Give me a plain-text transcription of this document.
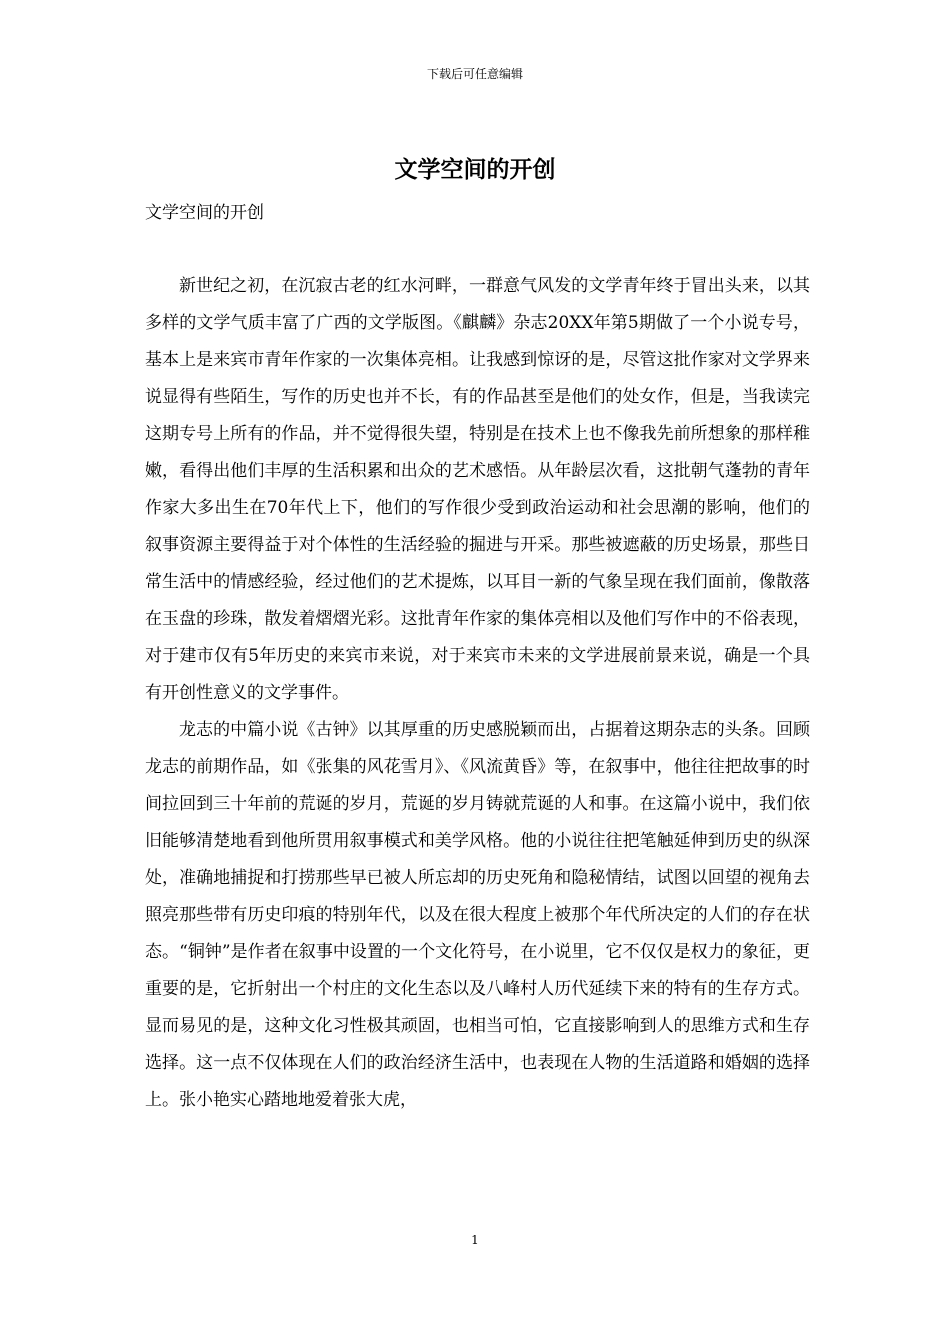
下载后可任意编辑
文学空间的开创
文学空间的开创

新世纪之初，在沉寂古老的红水河畔，一群意气风发的文学青年终于冒出头来，以其多样的文学气质丰富了广西的文学版图。《麒麟》杂志20XX年第5期做了一个小说专号，基本上是来宾市青年作家的一次集体亮相。让我感到惊讶的是，尽管这批作家对文学界来说显得有些陌生，写作的历史也并不长，有的作品甚至是他们的处女作，但是，当我读完这期专号上所有的作品，并不觉得很失望，特别是在技术上也不像我先前所想象的那样稚嫩，看得出他们丰厚的生活积累和出众的艺术感悟。从年龄层次看，这批朝气蓬勃的青年作家大多出生在70年代上下，他们的写作很少受到政治运动和社会思潮的影响，他们的叙事资源主要得益于对个体性的生活经验的掘进与开采。那些被遮蔽的历史场景，那些日常生活中的情感经验，经过他们的艺术提炼，以耳目一新的气象呈现在我们面前，像散落在玉盘的珍珠，散发着熠熠光彩。这批青年作家的集体亮相以及他们写作中的不俗表现，对于建市仅有5年历史的来宾市来说，对于来宾市未来的文学进展前景来说，确是一个具有开创性意义的文学事件。

龙志的中篇小说《古钟》以其厚重的历史感脱颖而出，占据着这期杂志的头条。回顾龙志的前期作品，如《张集的风花雪月》、《风流黄昏》等，在叙事中，他往往把故事的时间拉回到三十年前的荒诞的岁月，荒诞的岁月铸就荒诞的人和事。在这篇小说中，我们依旧能够清楚地看到他所贯用叙事模式和美学风格。他的小说往往把笔触延伸到历史的纵深处，准确地捕捉和打捞那些早已被人所忘却的历史死角和隐秘情结，试图以回望的视角去照亮那些带有历史印痕的特别年代，以及在很大程度上被那个年代所决定的人们的存在状态。“铜钟”是作者在叙事中设置的一个文化符号，在小说里，它不仅仅是权力的象征，更重要的是，它折射出一个村庄的文化生态以及八峰村人历代延续下来的特有的生存方式。显而易见的是，这种文化习性极其顽固，也相当可怕，它直接影响到人的思维方式和生存选择。这一点不仅体现在人们的政治经济生活中，也表现在人物的生活道路和婚姻的选择上。张小艳实心踏地地爱着张大虎，

1
